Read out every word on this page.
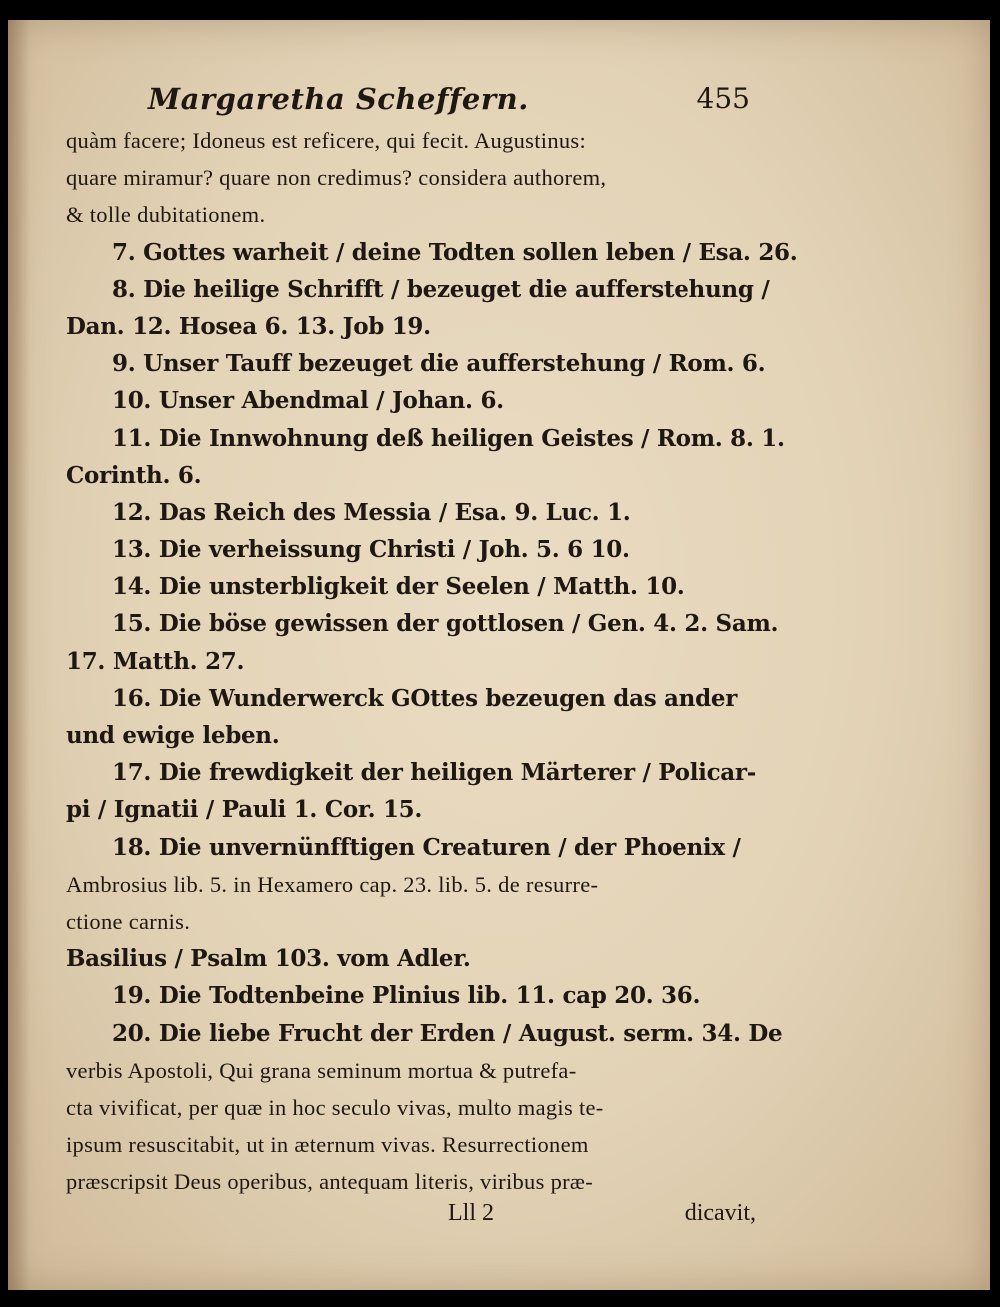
Margaretha Scheffern.	455
quàm facere; Idoneus est reficere, qui fecit. Augustinus:
quare miramur? quare non credimus? considera authorem,
& tolle dubitationem.
7. Gottes warheit / deine Todten sollen leben / Esa. 26.
8. Die heilige Schrifft / bezeuget die aufferstehung /
Dan. 12. Hosea 6. 13. Job 19.
9. Unser Tauff bezeuget die aufferstehung / Rom. 6.
10. Unser Abendmal / Johan. 6.
11. Die Innwohnung deß heiligen Geistes / Rom. 8. 1.
Corinth. 6.
12. Das Reich des Messia / Esa. 9. Luc. 1.
13. Die verheissung Christi / Joh. 5. 6 10.
14. Die unsterbligkeit der Seelen / Matth. 10.
15. Die böse gewissen der gottlosen / Gen. 4. 2. Sam.
17. Matth. 27.
16. Die Wunderwerck GOttes bezeugen das ander
und ewige leben.
17. Die frewdigkeit der heiligen Märterer / Policar-
pi / Ignatii / Pauli 1. Cor. 15.
18. Die unvernünfftigen Creaturen / der Phoenix /
Ambrosius lib. 5. in Hexamero cap. 23. lib. 5. de resurre-
ctione carnis.
Basilius / Psalm 103. vom Adler.
19. Die Todtenbeine Plinius lib. 11. cap 20. 36.
20. Die liebe Frucht der Erden / August. serm. 34. De
verbis Apostoli, Qui grana seminum mortua & putrefa-
cta vivificat, per quæ in hoc seculo vivas, multo magis te-
ipsum resuscitabit, ut in æternum vivas. Resurrectionem
præscripsit Deus operibus, antequam literis, viribus præ-
Lll 2	dicavit,
